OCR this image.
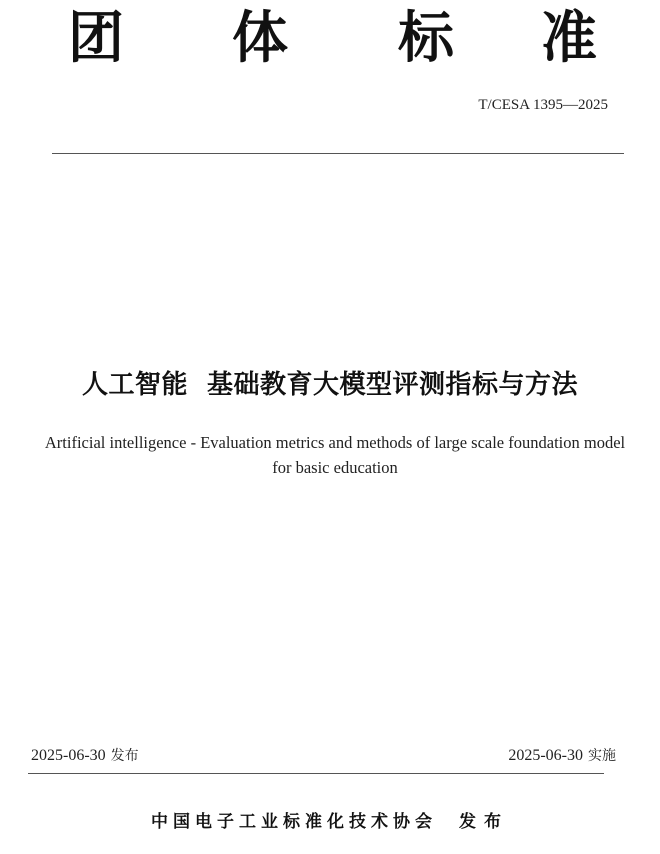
团 体 标 准
T/CESA 1395—2025
人工智能  基础教育大模型评测指标与方法
Artificial intelligence - Evaluation metrics and methods of large scale foundation model for basic education
2025-06-30 发布	2025-06-30 实施
中国电子工业标准化技术协会 发布
